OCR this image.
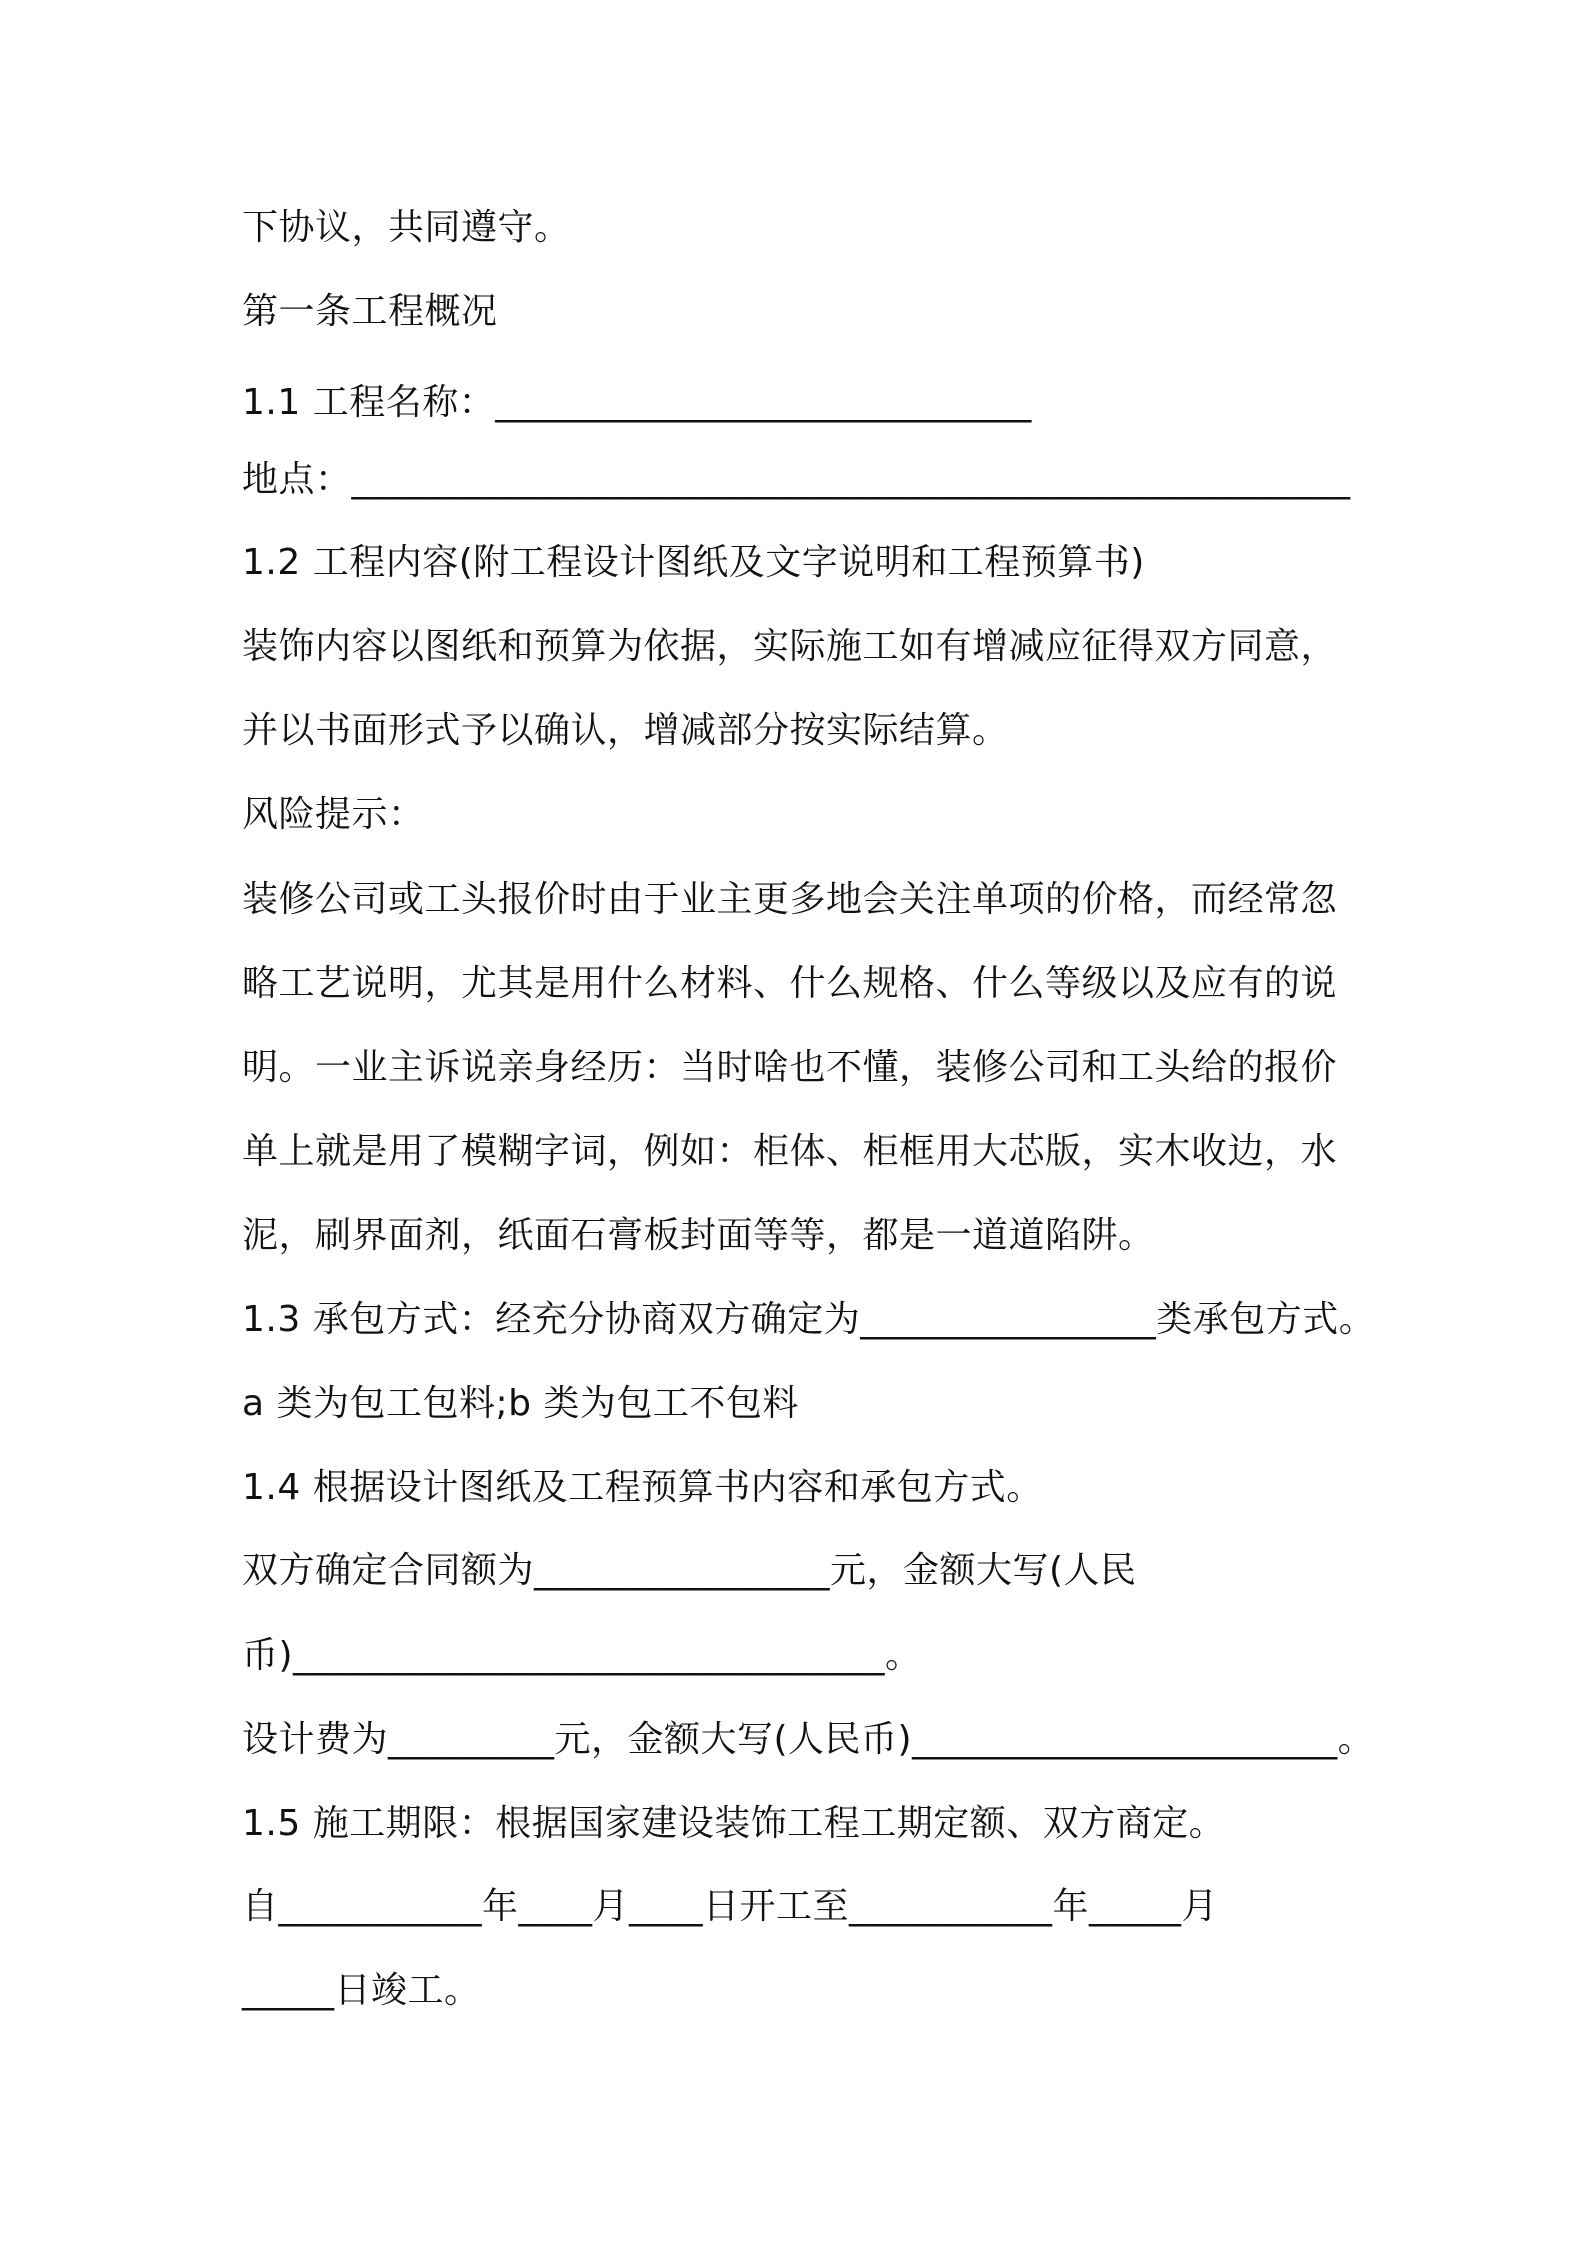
下协议，共同遵守。
第一条工程概况
1.1 工程名称：_____________________________
地点：______________________________________________________
1.2 工程内容(附工程设计图纸及文字说明和工程预算书)
装饰内容以图纸和预算为依据，实际施工如有增减应征得双方同意，
并以书面形式予以确认，增减部分按实际结算。
风险提示：
装修公司或工头报价时由于业主更多地会关注单项的价格，而经常忽
略工艺说明，尤其是用什么材料、什么规格、什么等级以及应有的说
明。一业主诉说亲身经历：当时啥也不懂，装修公司和工头给的报价
单上就是用了模糊字词，例如：柜体、柜框用大芯版，实木收边，水
泥，刷界面剂，纸面石膏板封面等等，都是一道道陷阱。
1.3 承包方式：经充分协商双方确定为________________类承包方式。
a 类为包工包料;b 类为包工不包料
1.4 根据设计图纸及工程预算书内容和承包方式。
双方确定合同额为________________元，金额大写(人民
币)________________________________。
设计费为_________元，金额大写(人民币)_______________________。
1.5 施工期限：根据国家建设装饰工程工期定额、双方商定。
自___________年____月____日开工至___________年_____月
_____日竣工。
